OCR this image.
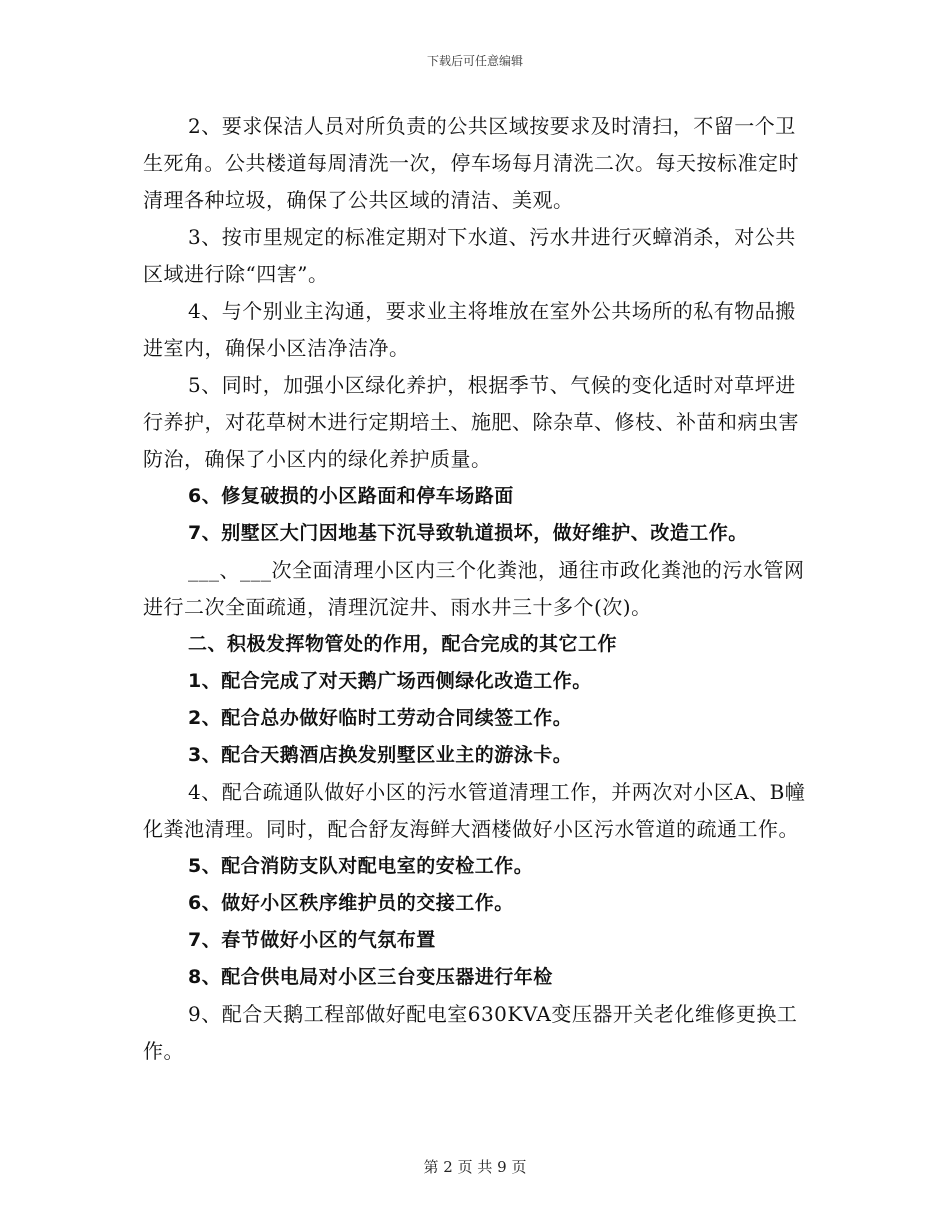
下载后可任意编辑

2、要求保洁人员对所负责的公共区域按要求及时清扫，不留一个卫生死角。公共楼道每周清洗一次，停车场每月清洗二次。每天按标准定时清理各种垃圾，确保了公共区域的清洁、美观。

3、按市里规定的标准定期对下水道、污水井进行灭蟑消杀，对公共区域进行除“四害”。

4、与个别业主沟通，要求业主将堆放在室外公共场所的私有物品搬进室内，确保小区洁净洁净。

5、同时，加强小区绿化养护，根据季节、气候的变化适时对草坪进行养护，对花草树木进行定期培土、施肥、除杂草、修枝、补苗和病虫害防治，确保了小区内的绿化养护质量。

6、修复破损的小区路面和停车场路面

7、别墅区大门因地基下沉导致轨道损坏，做好维护、改造工作。

___、___次全面清理小区内三个化粪池，通往市政化粪池的污水管网进行二次全面疏通，清理沉淀井、雨水井三十多个(次)。

二、积极发挥物管处的作用，配合完成的其它工作

1、配合完成了对天鹅广场西侧绿化改造工作。

2、配合总办做好临时工劳动合同续签工作。

3、配合天鹅酒店换发别墅区业主的游泳卡。

4、配合疏通队做好小区的污水管道清理工作，并两次对小区A、B幢化粪池清理。同时，配合舒友海鲜大酒楼做好小区污水管道的疏通工作。

5、配合消防支队对配电室的安检工作。

6、做好小区秩序维护员的交接工作。

7、春节做好小区的气氛布置

8、配合供电局对小区三台变压器进行年检

9、配合天鹅工程部做好配电室630KVA变压器开关老化维修更换工作。

第 2 页 共 9 页
